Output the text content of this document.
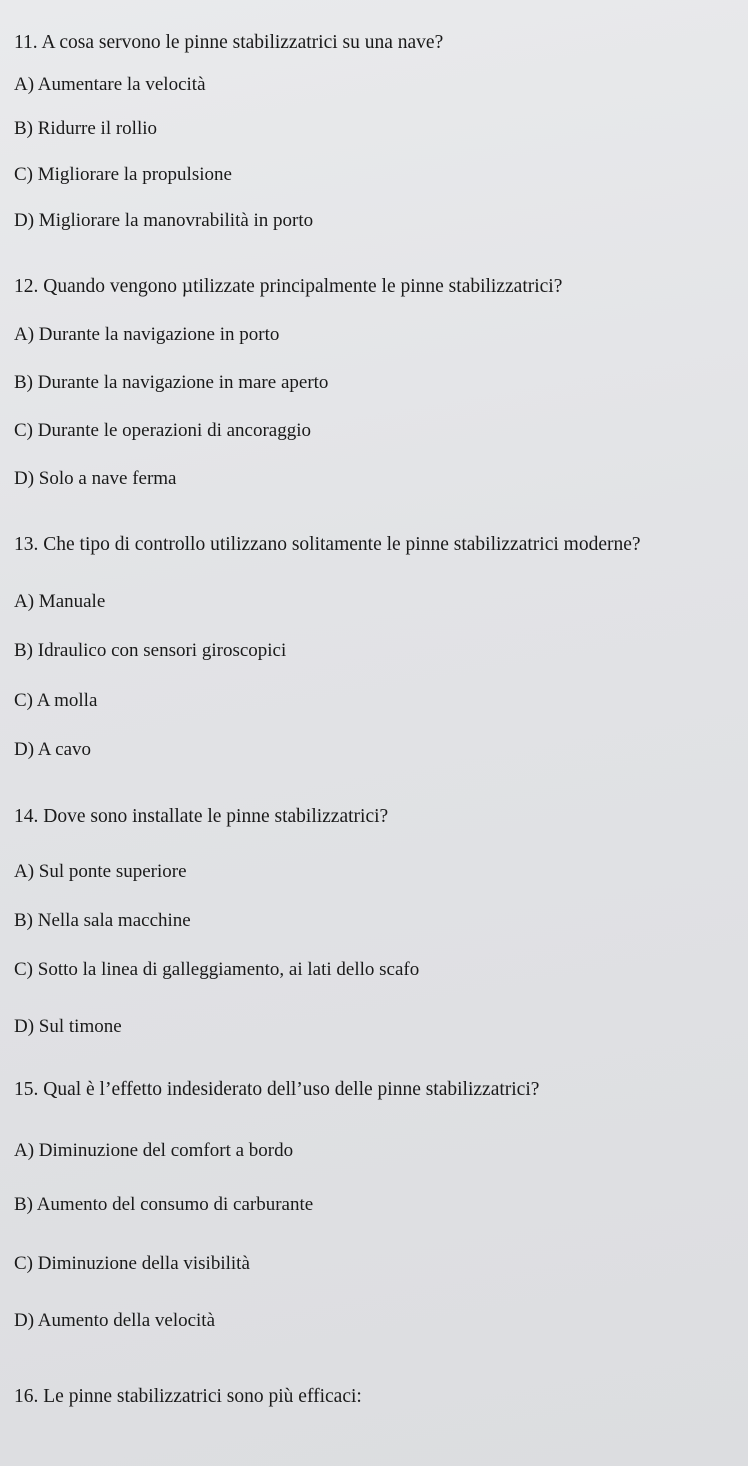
11. A cosa servono le pinne stabilizzatrici su una nave?
A) Aumentare la velocità
B) Ridurre il rollio
C) Migliorare la propulsione
D) Migliorare la manovrabilità in porto
12. Quando vengono µtilizzate principalmente le pinne stabilizzatrici?
A) Durante la navigazione in porto
B) Durante la navigazione in mare aperto
C) Durante le operazioni di ancoraggio
D) Solo a nave ferma
13. Che tipo di controllo utilizzano solitamente le pinne stabilizzatrici moderne?
A) Manuale
B) Idraulico con sensori giroscopici
C) A molla
D) A cavo
14. Dove sono installate le pinne stabilizzatrici?
A) Sul ponte superiore
B) Nella sala macchine
C) Sotto la linea di galleggiamento, ai lati dello scafo
D) Sul timone
15. Qual è l’effetto indesiderato dell’uso delle pinne stabilizzatrici?
A) Diminuzione del comfort a bordo
B) Aumento del consumo di carburante
C) Diminuzione della visibilità
D) Aumento della velocità
16. Le pinne stabilizzatrici sono più efficaci:
